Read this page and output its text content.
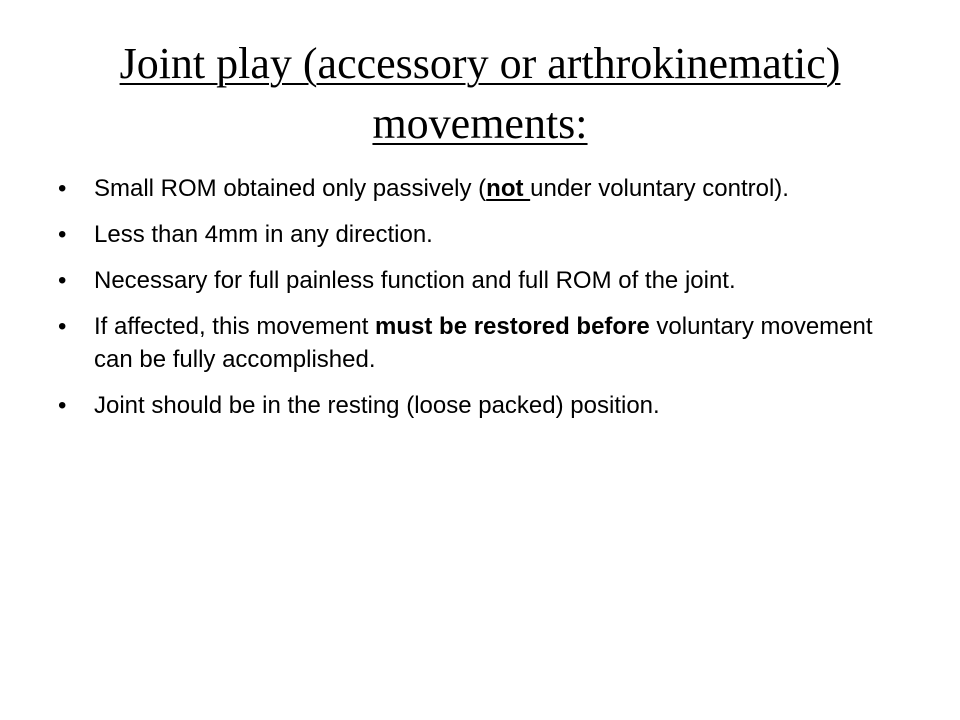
Joint play (accessory or arthrokinematic)
movements:
• Small ROM obtained only passively (not under voluntary control).
• Less than 4mm in any direction.
• Necessary for full painless function and full ROM of the joint.
• If affected, this movement must be restored before voluntary movement can be fully accomplished.
• Joint should be in the resting (loose packed) position.
